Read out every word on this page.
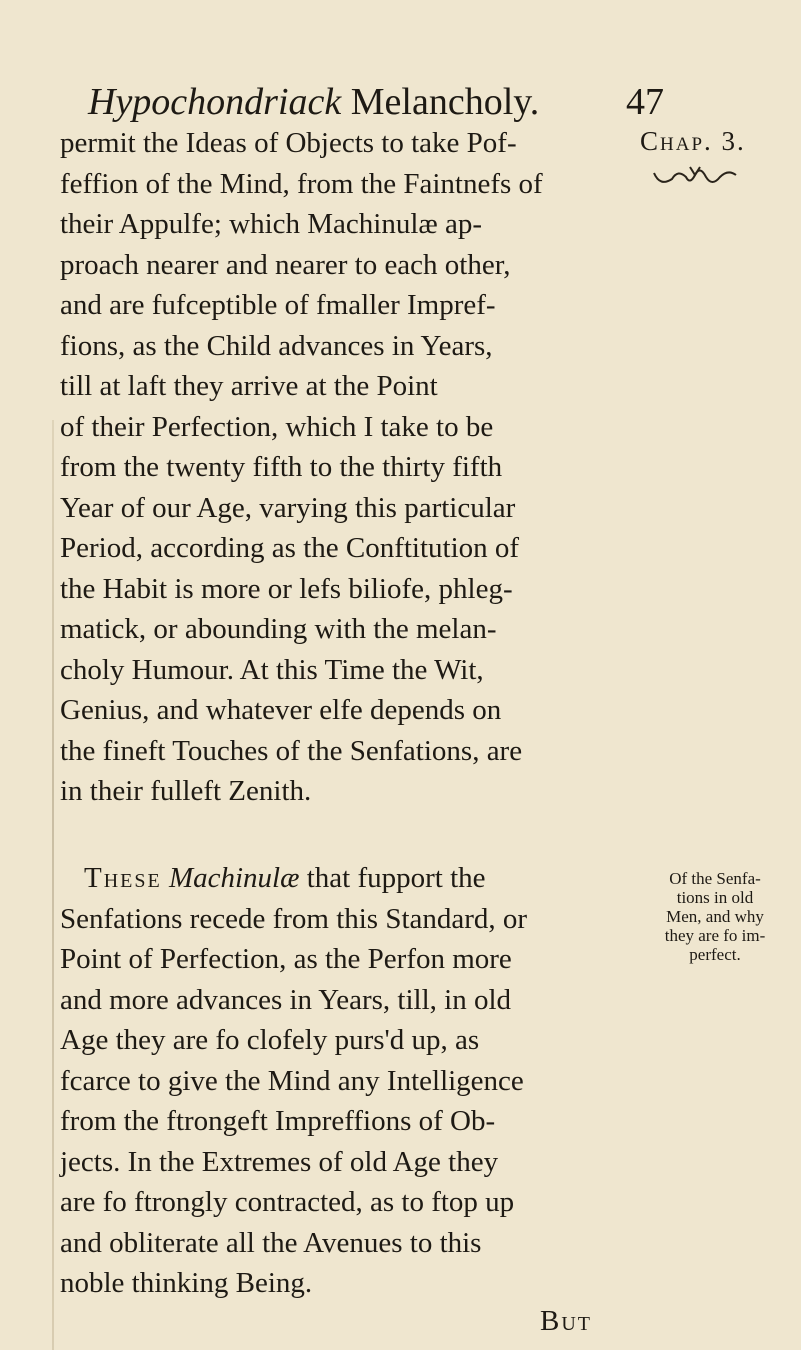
Hypochondriack Melancholy. 47
Chap. 3.
permit the Ideas of Objects to take Pof-
feffion of the Mind, from the Faintnefs of
their Appulfe; which Machinulæ ap-
proach nearer and nearer to each other,
and are fufceptible of fmaller Impref-
fions, as the Child advances in Years,
till at laft they arrive at the Point
of their Perfection, which I take to be
from the twenty fifth to the thirty fifth
Year of our Age, varying this particular
Period, according as the Conftitution of
the Habit is more or lefs biliofe, phleg-
matick, or abounding with the melan-
choly Humour. At this Time the Wit,
Genius, and whatever elfe depends on
the fineft Touches of the Senfations, are
in their fulleft Zenith.
These Machinulæ that fupport the
Senfations recede from this Standard, or
Point of Perfection, as the Perfon more
and more advances in Years, till, in old
Age they are fo clofely purs'd up, as
fcarce to give the Mind any Intelligence
from the ftrongeft Impreffions of Ob-
jects. In the Extremes of old Age they
are fo ftrongly contracted, as to ftop up
and obliterate all the Avenues to this
noble thinking Being.
Of the Senfa-
tions in old
Men, and why
they are fo im-
perfect.
But
